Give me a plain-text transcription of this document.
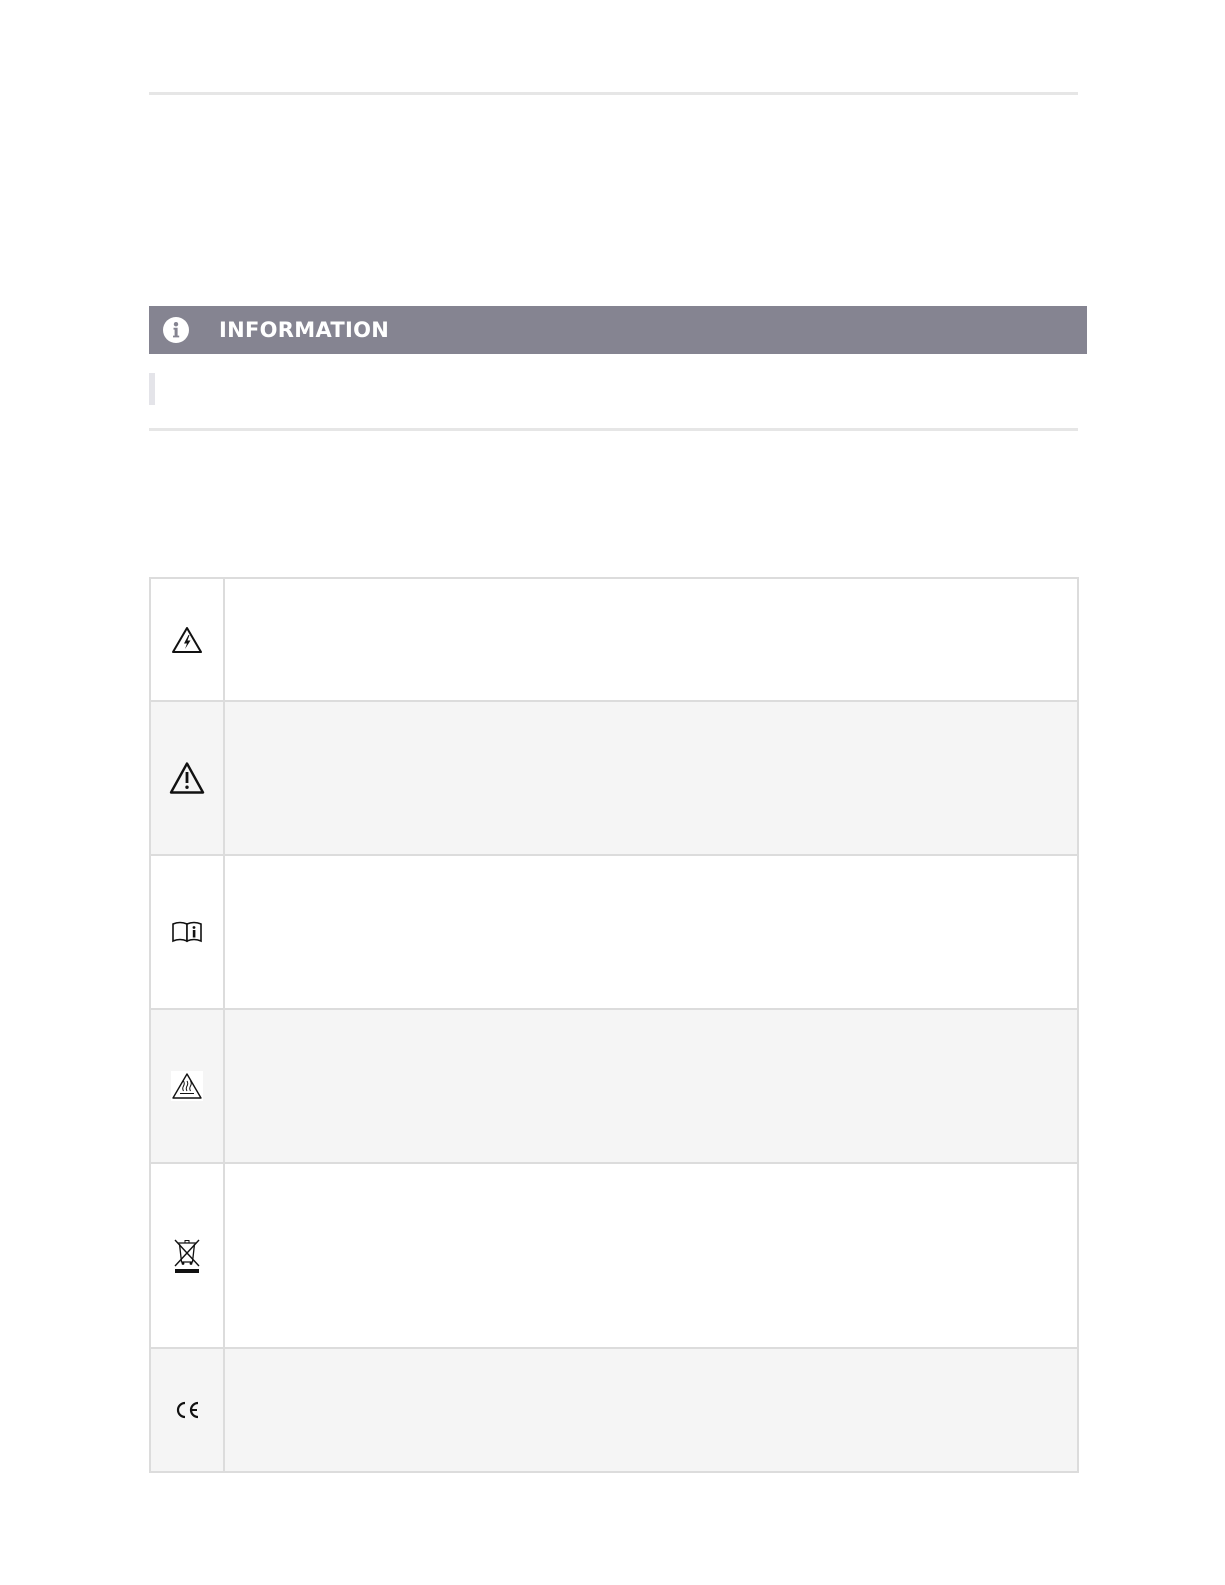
INFORMATION
